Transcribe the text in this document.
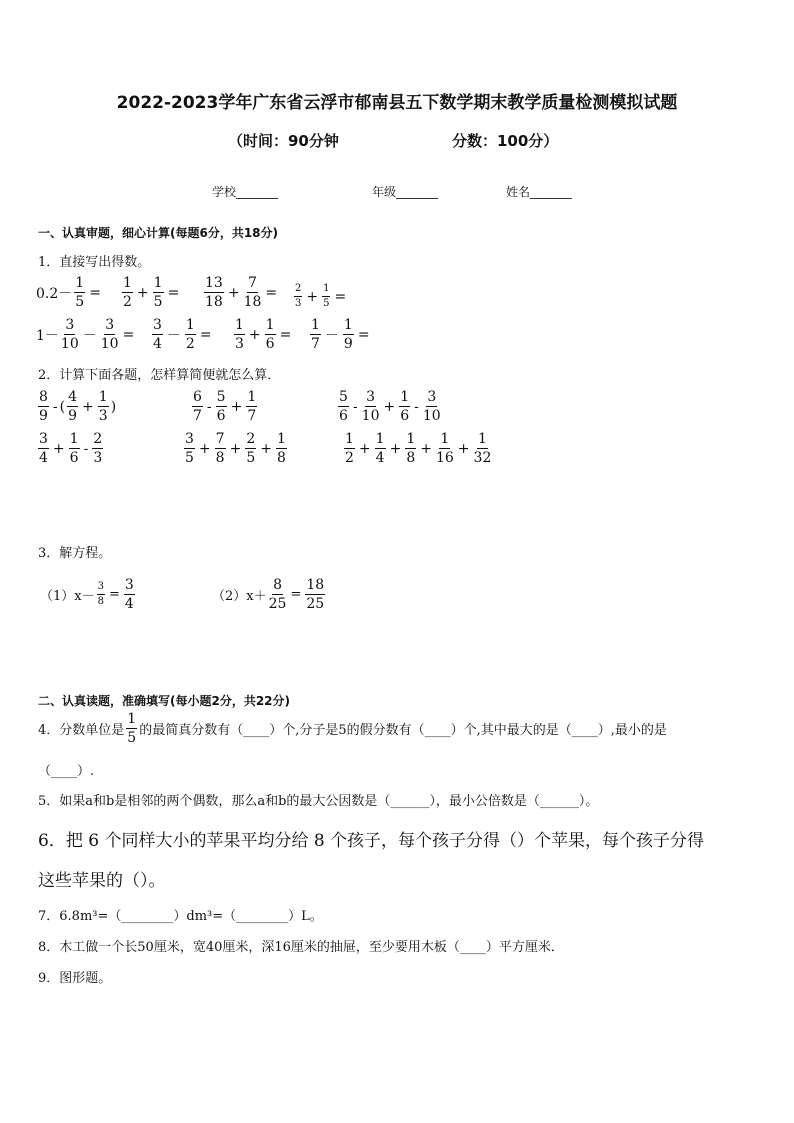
2022-2023学年广东省云浮市郁南县五下数学期末教学质量检测模拟试题
（时间：90分钟	分数：100分）
学校_______	年级_______	姓名_______
一、认真审题，细心计算(每题6分，共18分)
1．直接写出得数。
$0.2- \frac{1}{5} = \frac{1}{2} + \frac{1}{5} = \frac{13}{18} + \frac{7}{18} = \frac{2}{3} + \frac{1}{5}$ =
$1- \frac{3}{10} - \frac{3}{10} = \frac{3}{4} - \frac{1}{2} = \frac{1}{3} + \frac{1}{6} = \frac{1}{7} - \frac{1}{9}$ =
2．计算下面各题，怎样算简便就怎么算．
$\frac{8}{9}$ - ( $\frac{4}{9} + \frac{1}{3}$ )	$\frac{6}{7} - \frac{5}{6} + \frac{1}{7}$	$\frac{5}{6} - \frac{3}{10} + \frac{1}{6} - \frac{3}{10}$
$\frac{3}{4} + \frac{1}{6} - \frac{2}{3}$	$\frac{3}{5} + \frac{7}{8} + \frac{2}{5} + \frac{1}{8}$	$\frac{1}{2} + \frac{1}{4} + \frac{1}{8} + \frac{1}{16} + \frac{1}{32}$
3．解方程。
$(1)x- \frac{3}{8} = \frac{3}{4}$	$(2)x+ \frac{8}{25} = \frac{18}{25}$
二、认真读题，准确填写(每小题2分，共22分)
4．分数单位是 $\frac{1}{5}$ 的最简真分数有（____）个,分子是5的假分数有（____）个,其中最大的是（____）,最小的是
（____）.
5．如果a和b是相邻的两个偶数，那么a和b的最大公因数是（______），最小公倍数是（______）。
6．把 6 个同样大小的苹果平均分给 8 个孩子，每个孩子分得（）个苹果，每个孩子分得
这些苹果的（）。
7．6.8m³=（________）dm³=（________）L。
8．木工做一个长50厘米，宽40厘米，深16厘米的抽屉，至少要用木板（____）平方厘米．
9．图形题。
